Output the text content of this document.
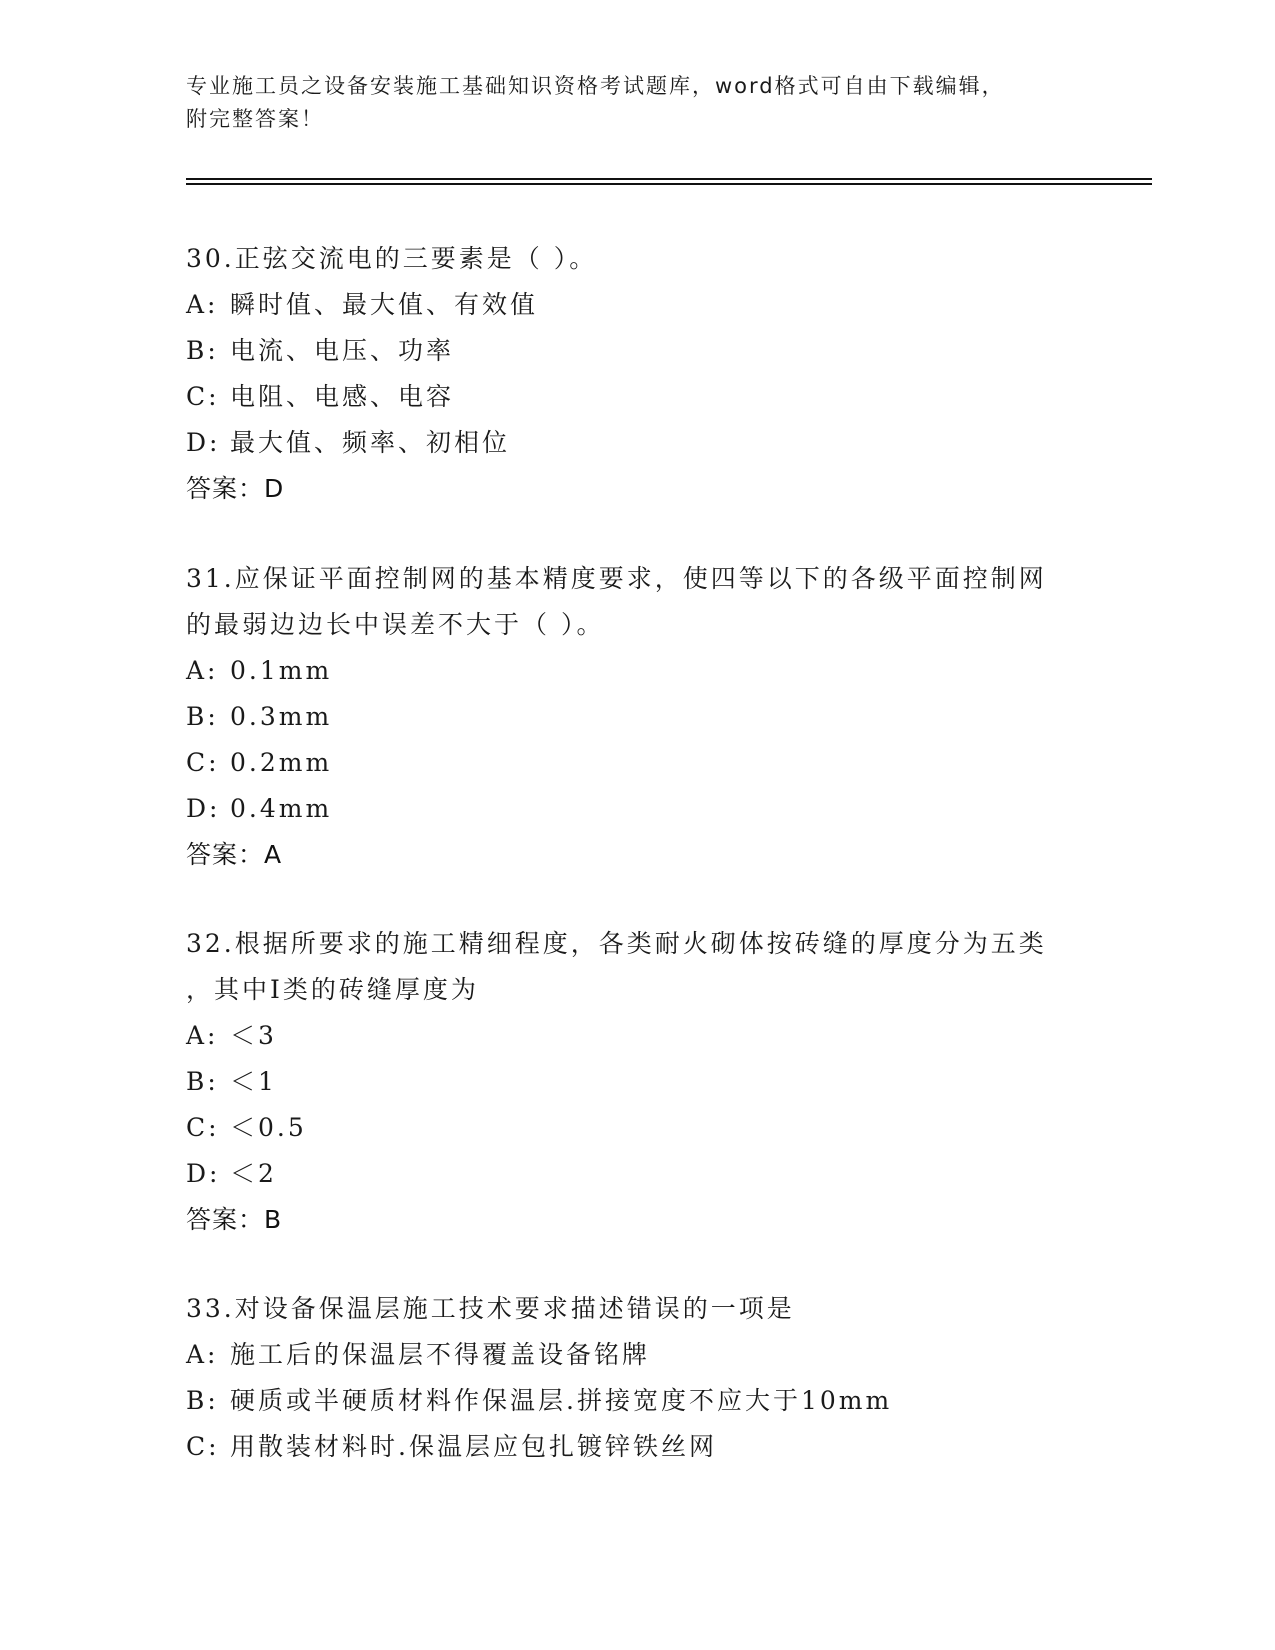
专业施工员之设备安装施工基础知识资格考试题库，word格式可自由下载编辑，
附完整答案！
30.正弦交流电的三要素是（ ）。
A: 瞬时值、最大值、有效值
B: 电流、电压、功率
C: 电阻、电感、电容
D: 最大值、频率、初相位
答案：D
31.应保证平面控制网的基本精度要求，使四等以下的各级平面控制网
的最弱边边长中误差不大于（ ）。
A: 0.1mm
B: 0.3mm
C: 0.2mm
D: 0.4mm
答案：A
32.根据所要求的施工精细程度，各类耐火砌体按砖缝的厚度分为五类
，其中Ⅰ类的砖缝厚度为
A: ＜3
B: ＜1
C: ＜0.5
D: ＜2
答案：B
33.对设备保温层施工技术要求描述错误的一项是
A: 施工后的保温层不得覆盖设备铭牌
B: 硬质或半硬质材料作保温层.拼接宽度不应大于10mm
C: 用散装材料时.保温层应包扎镀锌铁丝网
